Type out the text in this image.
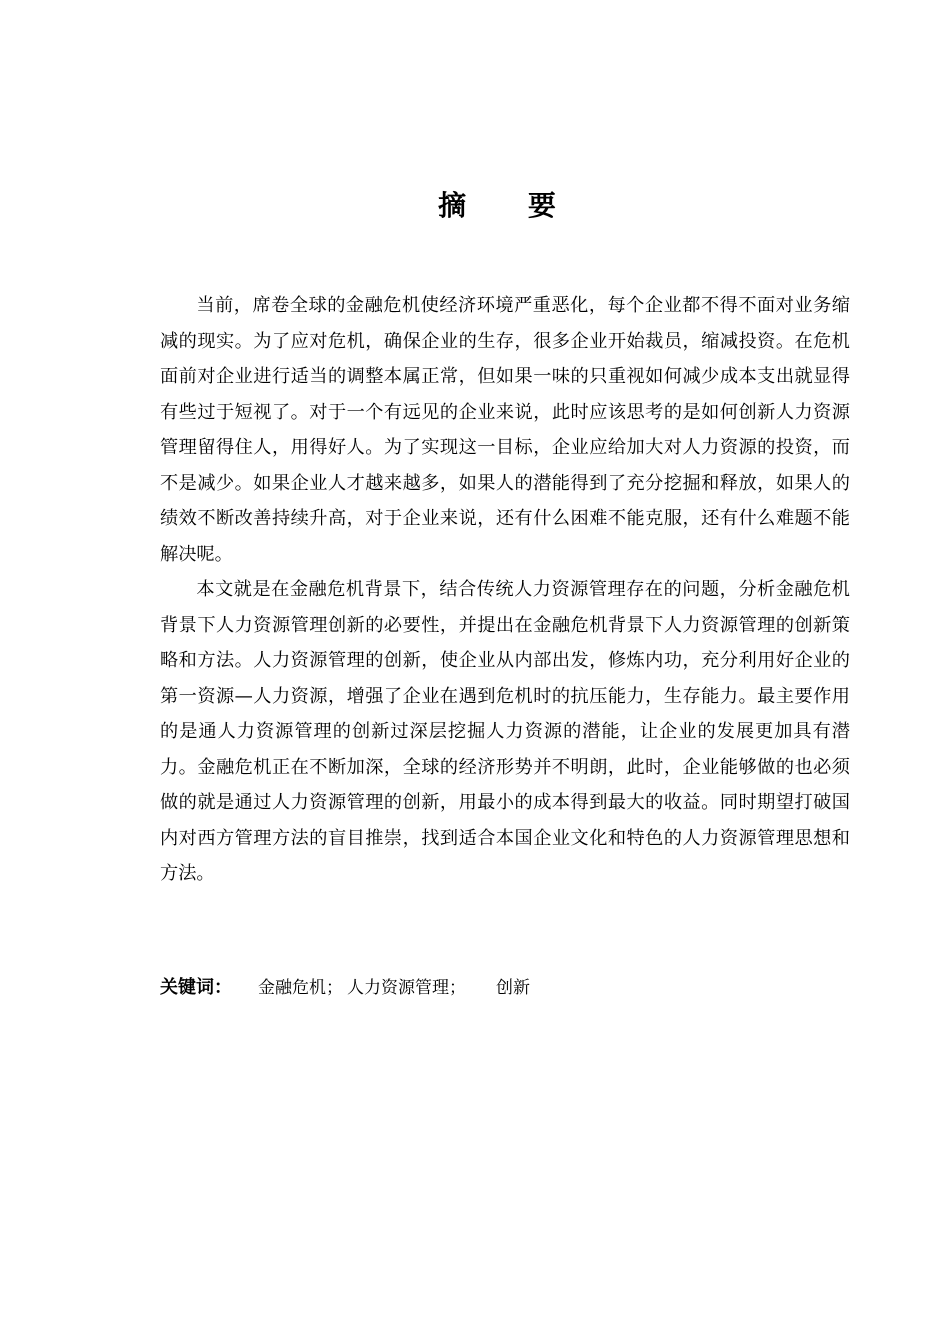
摘 要

当前，席卷全球的金融危机使经济环境严重恶化，每个企业都不得不面对业务缩减的现实。为了应对危机，确保企业的生存，很多企业开始裁员，缩减投资。在危机面前对企业进行适当的调整本属正常，但如果一味的只重视如何减少成本支出就显得有些过于短视了。对于一个有远见的企业来说，此时应该思考的是如何创新人力资源管理留得住人，用得好人。为了实现这一目标，企业应给加大对人力资源的投资，而不是减少。如果企业人才越来越多，如果人的潜能得到了充分挖掘和释放，如果人的绩效不断改善持续升高，对于企业来说，还有什么困难不能克服，还有什么难题不能解决呢。

本文就是在金融危机背景下，结合传统人力资源管理存在的问题，分析金融危机背景下人力资源管理创新的必要性，并提出在金融危机背景下人力资源管理的创新策略和方法。人力资源管理的创新，使企业从内部出发，修炼内功，充分利用好企业的第一资源—人力资源，增强了企业在遇到危机时的抗压能力，生存能力。最主要作用的是通人力资源管理的创新过深层挖掘人力资源的潜能，让企业的发展更加具有潜力。金融危机正在不断加深，全球的经济形势并不明朗，此时，企业能够做的也必须做的就是通过人力资源管理的创新，用最小的成本得到最大的收益。同时期望打破国内对西方管理方法的盲目推崇，找到适合本国企业文化和特色的人力资源管理思想和方法。

关键词： 金融危机； 人力资源管理； 创新
